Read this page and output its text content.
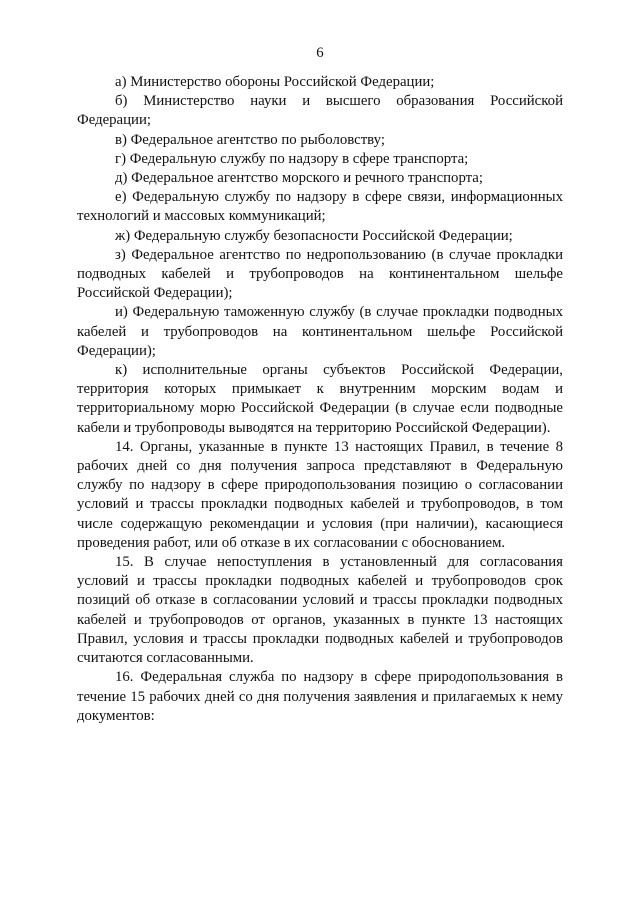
6

а) Министерство обороны Российской Федерации;

б) Министерство науки и высшего образования Российской Федерации;

в) Федеральное агентство по рыболовству;

г) Федеральную службу по надзору в сфере транспорта;

д) Федеральное агентство морского и речного транспорта;

е) Федеральную службу по надзору в сфере связи, информационных технологий и массовых коммуникаций;

ж) Федеральную службу безопасности Российской Федерации;

з) Федеральное агентство по недропользованию (в случае прокладки подводных кабелей и трубопроводов на континентальном шельфе Российской Федерации);

и) Федеральную таможенную службу (в случае прокладки подводных кабелей и трубопроводов на континентальном шельфе Российской Федерации);

к) исполнительные органы субъектов Российской Федерации, территория которых примыкает к внутренним морским водам и территориальному морю Российской Федерации (в случае если подводные кабели и трубопроводы выводятся на территорию Российской Федерации).

14. Органы, указанные в пункте 13 настоящих Правил, в течение 8 рабочих дней со дня получения запроса представляют в Федеральную службу по надзору в сфере природопользования позицию о согласовании условий и трассы прокладки подводных кабелей и трубопроводов, в том числе содержащую рекомендации и условия (при наличии), касающиеся проведения работ, или об отказе в их согласовании с обоснованием.

15. В случае непоступления в установленный для согласования условий и трассы прокладки подводных кабелей и трубопроводов срок позиций об отказе в согласовании условий и трассы прокладки подводных кабелей и трубопроводов от органов, указанных в пункте 13 настоящих Правил, условия и трассы прокладки подводных кабелей и трубопроводов считаются согласованными.

16. Федеральная служба по надзору в сфере природопользования в течение 15 рабочих дней со дня получения заявления и прилагаемых к нему документов:
